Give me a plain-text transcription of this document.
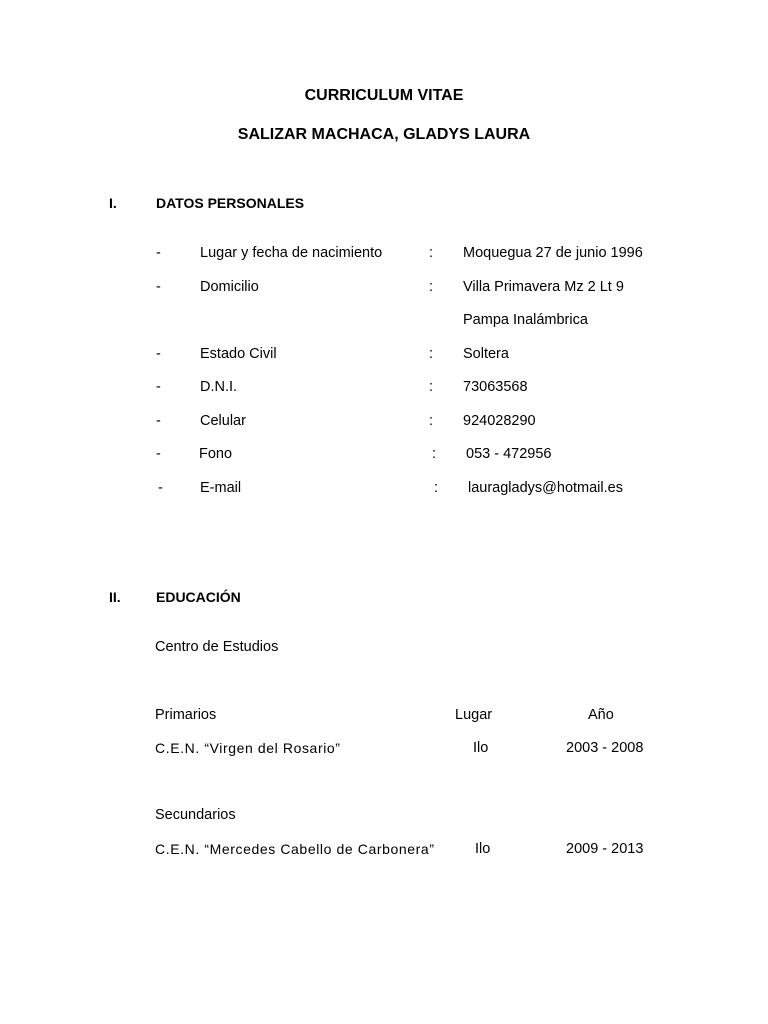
CURRICULUM VITAE
SALIZAR MACHACA, GLADYS LAURA
I.	DATOS PERSONALES
-	Lugar y fecha de nacimiento	: Moquegua 27 de junio 1996
-	Domicilio	: Villa Primavera Mz 2 Lt 9
Pampa Inalámbrica
-	Estado Civil	: Soltera
-	D.N.I.	: 73063568
-	Celular	: 924028290
-	Fono	: 053 - 472956
-	E-mail	: lauragladys@hotmail.es
II.	EDUCACIÓN
Centro de Estudios
Primarios	Lugar	Año
C.E.N. “Virgen del Rosario”	Ilo	2003 - 2008
Secundarios
C.E.N. “Mercedes Cabello de Carbonera”	Ilo	2009 - 2013
